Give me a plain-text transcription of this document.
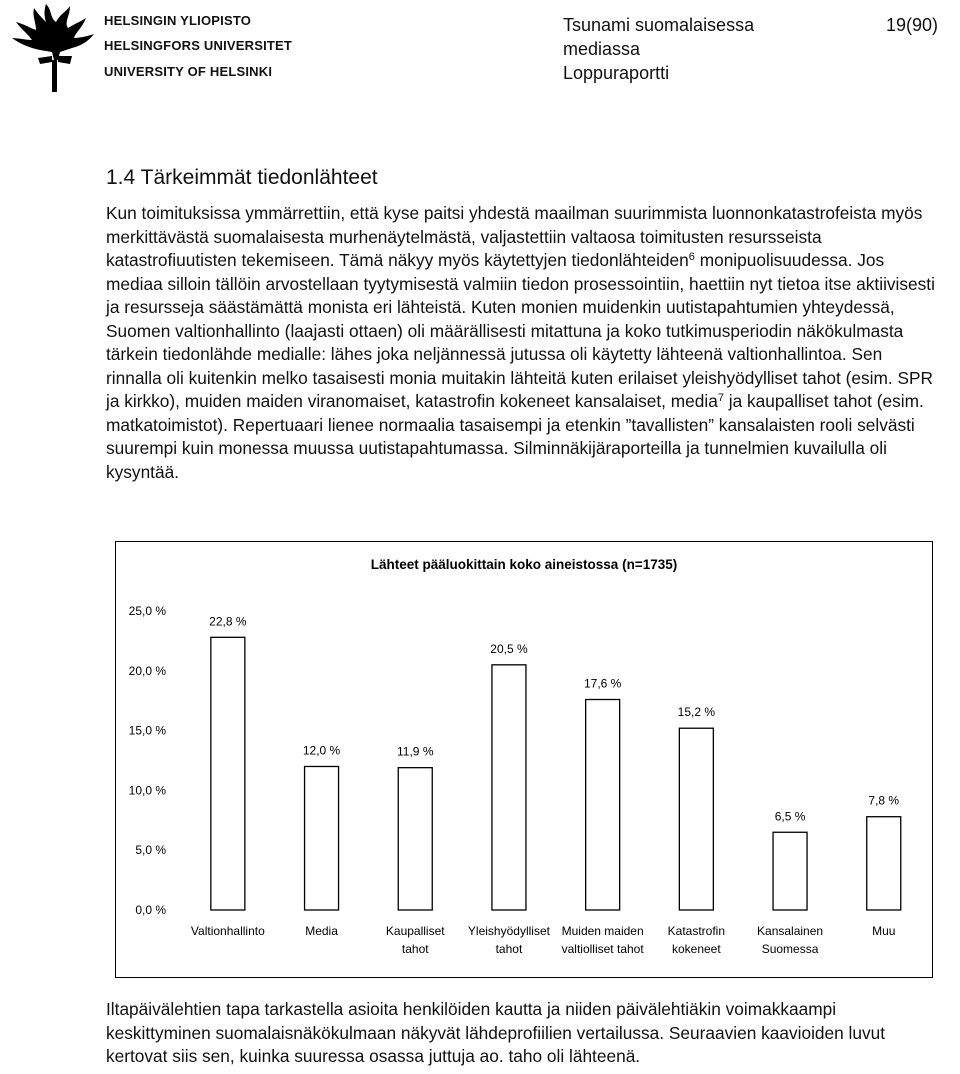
HELSINGIN YLIOPISTO
HELSINGFORS UNIVERSITET
UNIVERSITY OF HELSINKI
Tsunami suomalaisessa
mediassa
Loppuraportti
19(90)
1.4 Tärkeimmät tiedonlähteet

Kun toimituksissa ymmärrettiin, että kyse paitsi yhdestä maailman suurimmista luonnonkatastrofeista myös merkittävästä suomalaisesta murhenäytelmästä, valjastettiin valtaosa toimitusten resursseista katastrofiuutisten tekemiseen. Tämä näkyy myös käytettyjen tiedonlähteiden$^6$ monipuolisuudessa. Jos mediaa silloin tällöin arvostellaan tyytymisestä valmiin tiedon prosessointiin, haettiin nyt tietoa itse aktiivisesti ja resursseja säästämättä monista eri lähteistä. Kuten monien muidenkin uutistapahtumien yhteydessä, Suomen valtionhallinto (laajasti ottaen) oli määrällisesti mitattuna ja koko tutkimusperiodin näkökulmasta tärkein tiedonlähde medialle: lähes joka neljännessä jutussa oli käytetty lähteenä valtionhallintoa. Sen rinnalla oli kuitenkin melko tasaisesti monia muitakin lähteitä kuten erilaiset yleishyödylliset tahot (esim. SPR ja kirkko), muiden maiden viranomaiset, katastrofin kokeneet kansalaiset, media$^7$ ja kaupalliset tahot (esim. matkatoimistot). Repertuaari lienee normaalia tasaisempi ja etenkin ”tavallisten” kansalaisten rooli selvästi suurempi kuin monessa muussa uutistapahtumassa. Silminnäkijäraporteilla ja tunnelmien kuvailulla oli kysyntää.

Lähteet pääluokittain koko aineistossa (n=1735)
0,0 %
5,0 %
10,0 %
15,0 %
20,0 %
25,0 %
22,8 %
12,0 %	11,9 %
20,5 %
17,6 %
15,2 %
6,5 %
7,8 %
Valtionhallinto	Media	Kaupalliset
tahot
Yleishyödylliset
tahot
Muiden maiden
valtiolliset tahot
Katastrofin
kokeneet
Kansalainen
Suomessa
Muu

Iltapäivälehtien tapa tarkastella asioita henkilöiden kautta ja niiden päivälehtiäkin voimakkaampi keskittyminen suomalaisnäkökulmaan näkyvät lähdeprofiilien vertailussa. Seuraavien kaavioiden luvut kertovat siis sen, kuinka suuressa osassa juttuja ao. taho oli lähteenä.
